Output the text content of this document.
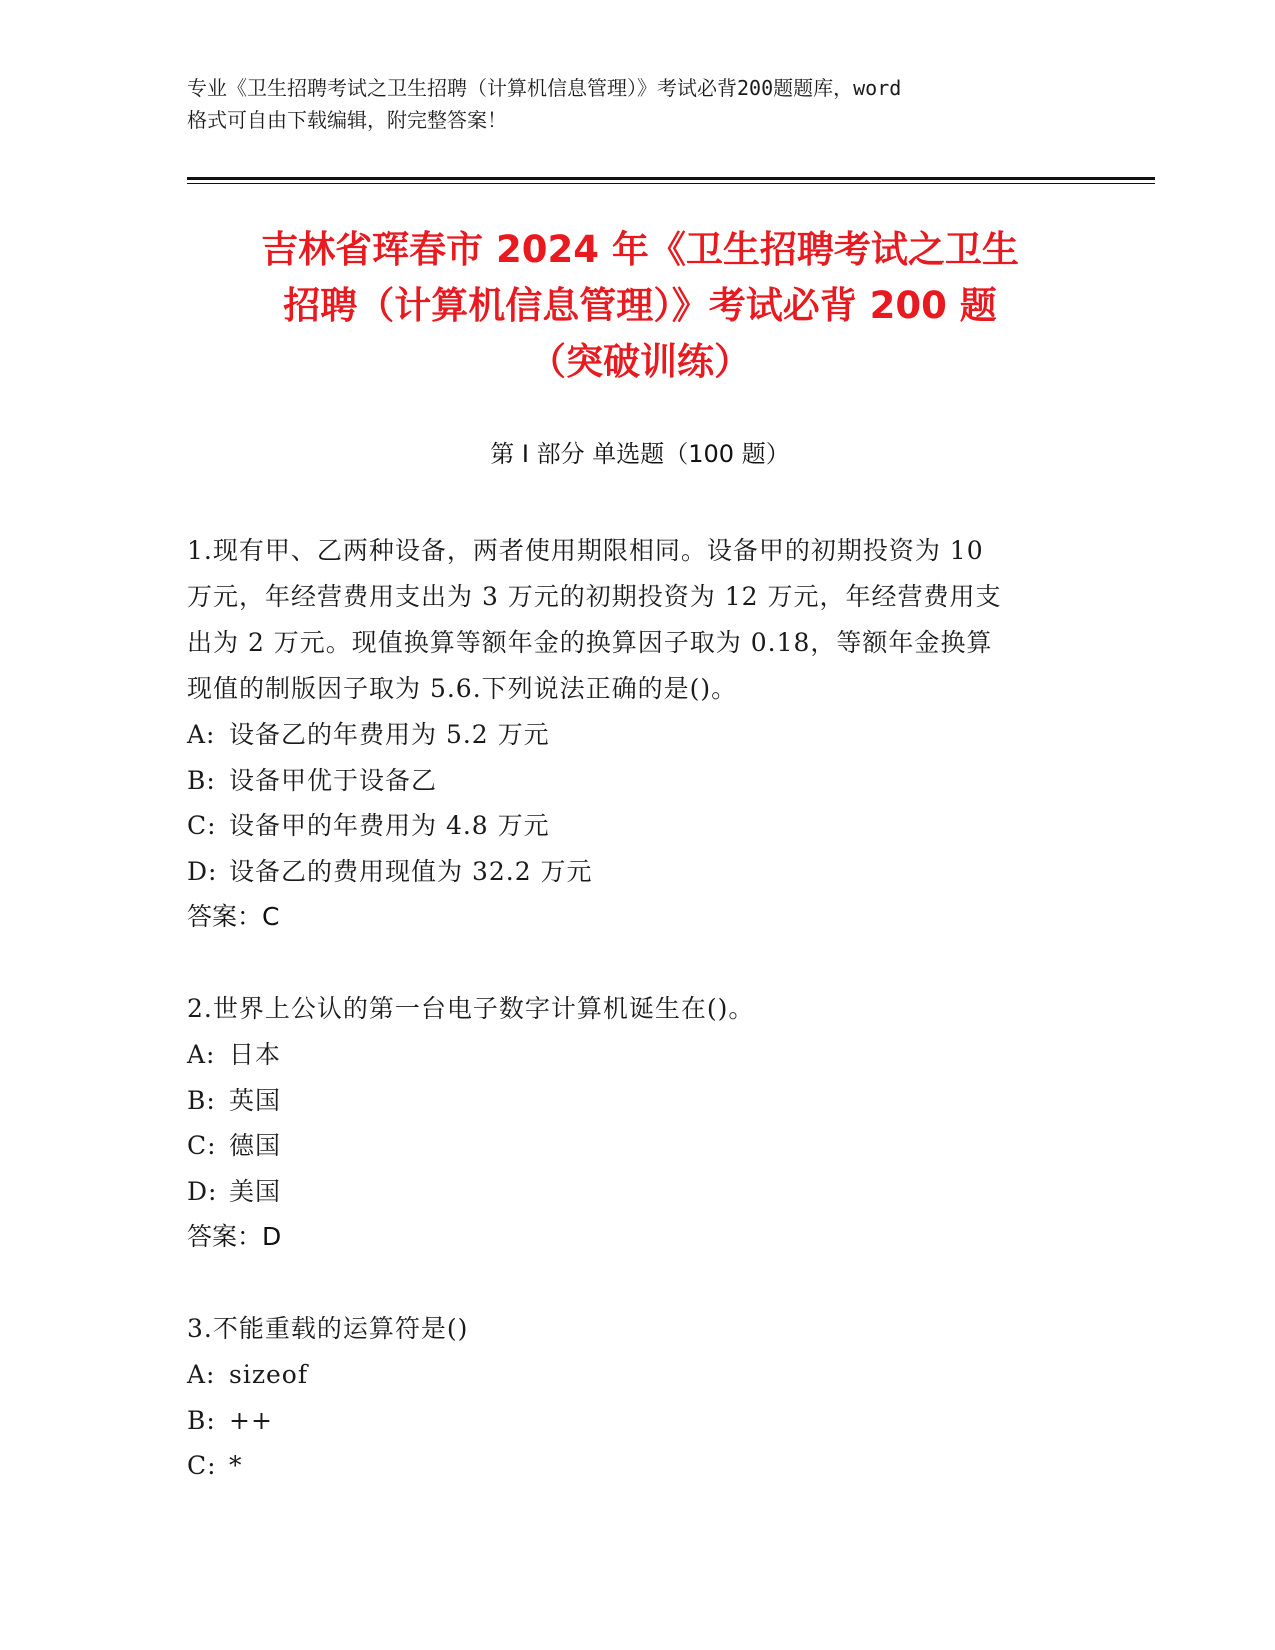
专业《卫生招聘考试之卫生招聘（计算机信息管理）》考试必背200题题库，word
格式可自由下载编辑，附完整答案！
吉林省珲春市 2024 年《卫生招聘考试之卫生
招聘（计算机信息管理）》考试必背 200 题
（突破训练）
第 I 部分 单选题（100 题）
1.现有甲、乙两种设备，两者使用期限相同。设备甲的初期投资为 10
万元，年经营费用支出为 3 万元的初期投资为 12 万元，年经营费用支
出为 2 万元。现值换算等额年金的换算因子取为 0.18，等额年金换算
现值的制版因子取为 5.6.下列说法正确的是()。
A: 设备乙的年费用为 5.2 万元
B: 设备甲优于设备乙
C: 设备甲的年费用为 4.8 万元
D: 设备乙的费用现值为 32.2 万元
答案：C
2.世界上公认的第一台电子数字计算机诞生在()。
A: 日本
B: 英国
C: 德国
D: 美国
答案：D
3.不能重载的运算符是()
A: sizeof
B: ++
C: *
